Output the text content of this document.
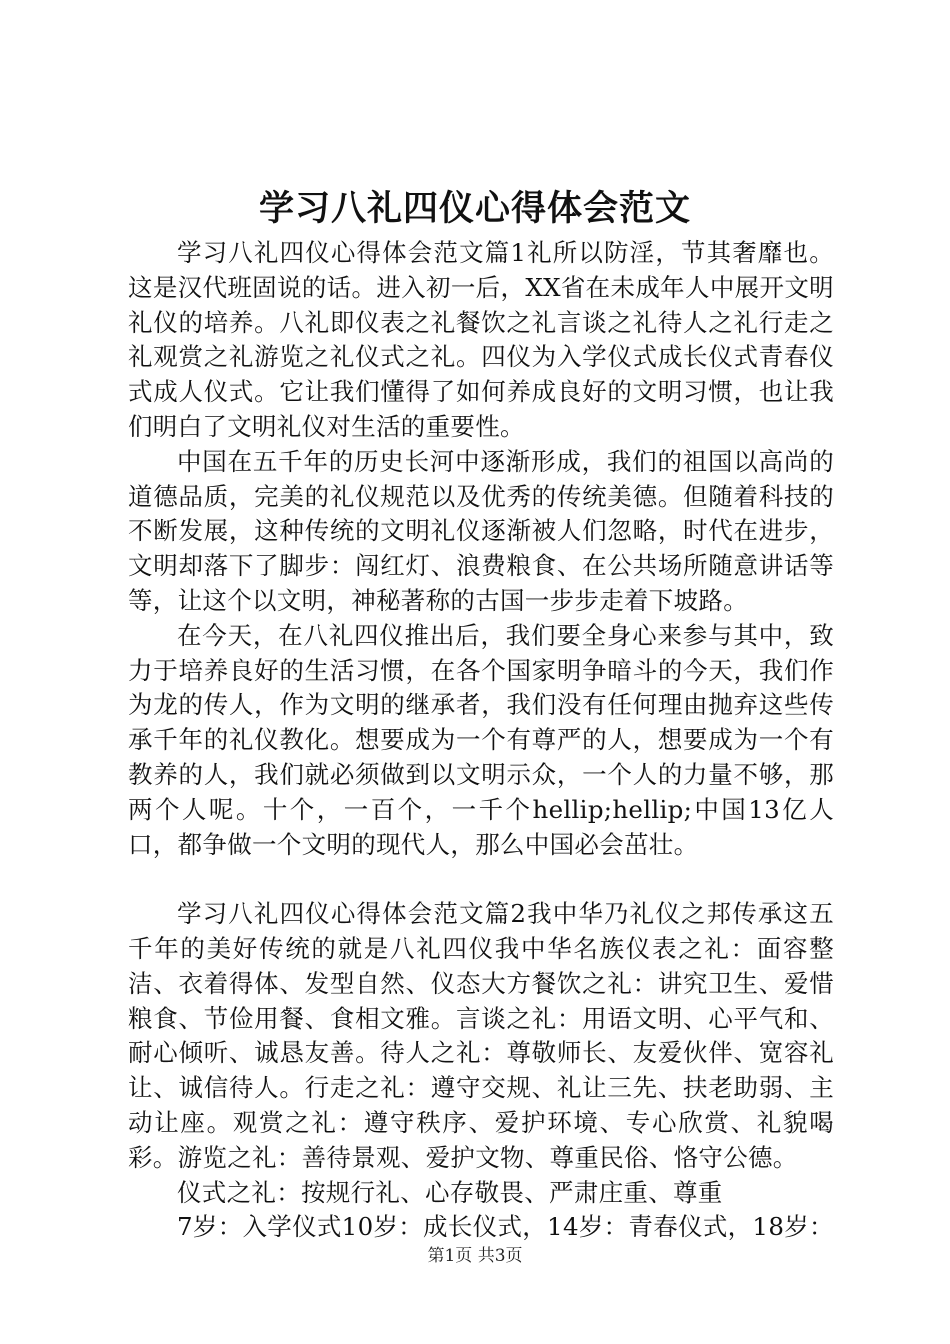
学习八礼四仪心得体会范文

学习八礼四仪心得体会范文篇1礼所以防淫，节其奢靡也。这是汉代班固说的话。进入初一后，XX省在未成年人中展开文明礼仪的培养。八礼即仪表之礼餐饮之礼言谈之礼待人之礼行走之礼观赏之礼游览之礼仪式之礼。四仪为入学仪式成长仪式青春仪式成人仪式。它让我们懂得了如何养成良好的文明习惯，也让我们明白了文明礼仪对生活的重要性。

中国在五千年的历史长河中逐渐形成，我们的祖国以高尚的道德品质，完美的礼仪规范以及优秀的传统美德。但随着科技的不断发展，这种传统的文明礼仪逐渐被人们忽略，时代在进步，文明却落下了脚步：闯红灯、浪费粮食、在公共场所随意讲话等等，让这个以文明，神秘著称的古国一步步走着下坡路。

在今天，在八礼四仪推出后，我们要全身心来参与其中，致力于培养良好的生活习惯，在各个国家明争暗斗的今天，我们作为龙的传人，作为文明的继承者，我们没有任何理由抛弃这些传承千年的礼仪教化。想要成为一个有尊严的人，想要成为一个有教养的人，我们就必须做到以文明示众，一个人的力量不够，那两个人呢。十个，一百个，一千个hellip;hellip;中国13亿人口，都争做一个文明的现代人，那么中国必会茁壮。

学习八礼四仪心得体会范文篇2我中华乃礼仪之邦传承这五千年的美好传统的就是八礼四仪我中华名族仪表之礼：面容整洁、衣着得体、发型自然、仪态大方餐饮之礼：讲究卫生、爱惜粮食、节俭用餐、食相文雅。言谈之礼：用语文明、心平气和、耐心倾听、诚恳友善。待人之礼：尊敬师长、友爱伙伴、宽容礼让、诚信待人。行走之礼：遵守交规、礼让三先、扶老助弱、主动让座。观赏之礼：遵守秩序、爱护环境、专心欣赏、礼貌喝彩。游览之礼：善待景观、爱护文物、尊重民俗、恪守公德。

仪式之礼：按规行礼、心存敬畏、严肃庄重、尊重

7岁：入学仪式10岁：成长仪式，14岁：青春仪式，18岁：

第1页 共3页
